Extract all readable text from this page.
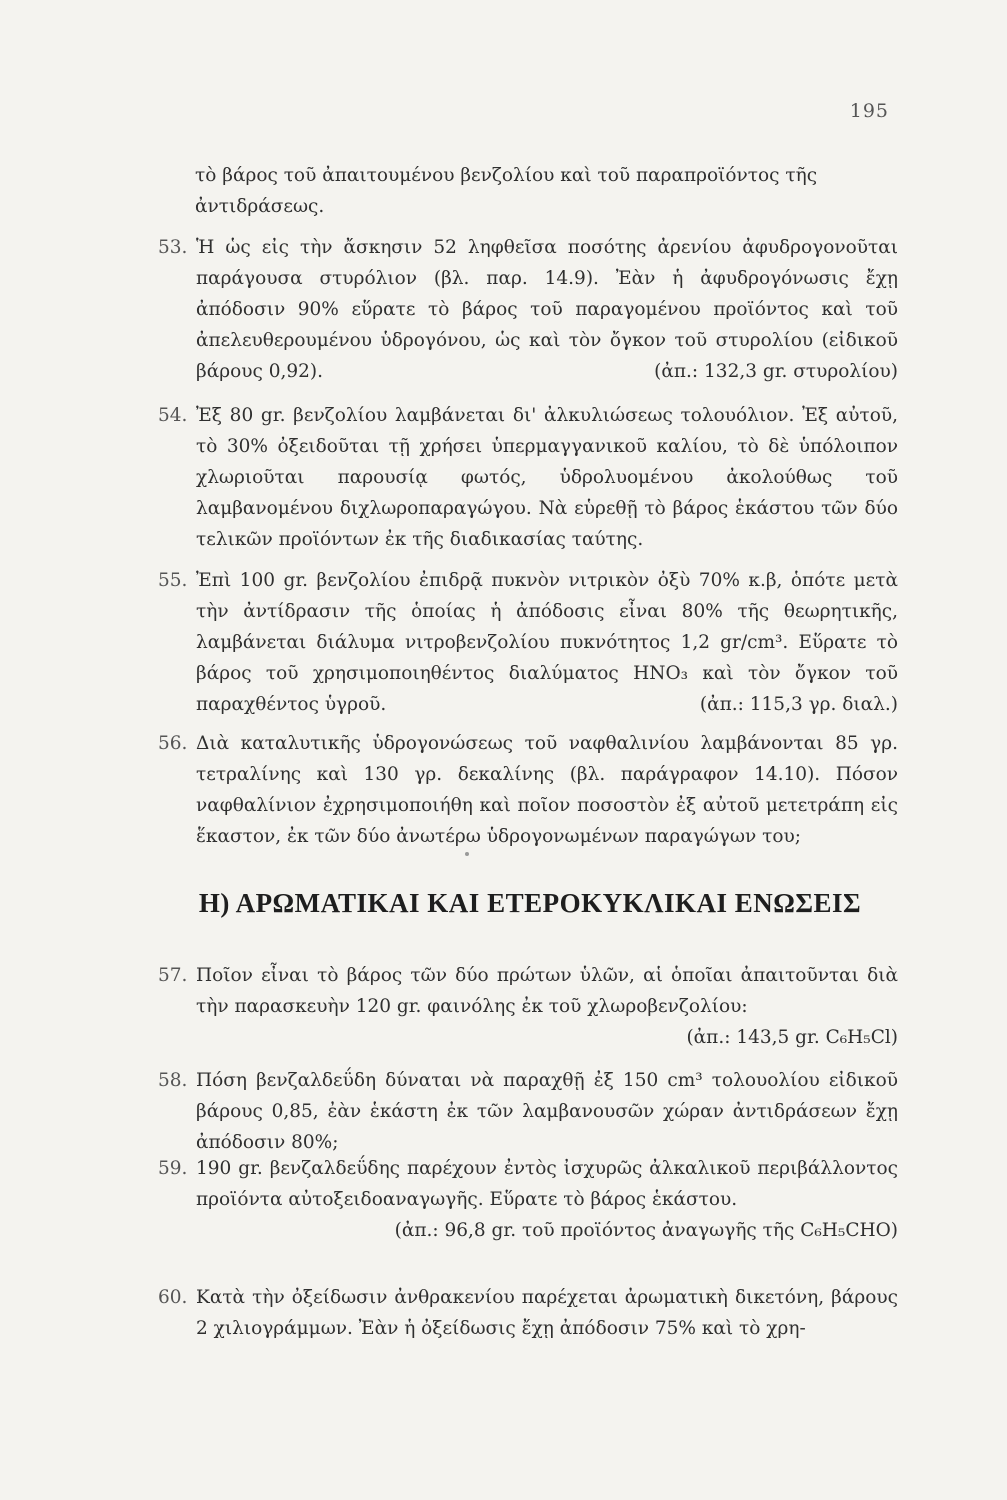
195
τὸ βάρος τοῦ ἀπαιτουμένου βενζολίου καὶ τοῦ παραπροϊόντος τῆς ἀντιδράσεως.
53. Ἡ ὡς εἰς τὴν ἄσκησιν 52 ληφθεῖσα ποσότης ἀρενίου ἀφυδρογονοῦται παράγουσα στυρόλιον (βλ. παρ. 14.9). Ἐὰν ἡ ἀφυδρογόνωσις ἔχῃ ἀπόδοσιν 90% εὕρατε τὸ βάρος τοῦ παραγομένου προϊόντος καὶ τοῦ ἀπελευθερουμένου ὑδρογόνου, ὡς καὶ τὸν ὄγκον τοῦ στυρολίου (εἰδικοῦ βάρους 0,92).	(ἀπ.: 132,3 gr. στυρολίου)
54. Ἐξ 80 gr. βενζολίου λαμβάνεται δι' ἀλκυλιώσεως τολουόλιον. Ἐξ αὐτοῦ, τὸ 30% ὀξειδοῦται τῇ χρήσει ὑπερμαγγανικοῦ καλίου, τὸ δὲ ὑπόλοιπον χλωριοῦται παρουσίᾳ φωτός, ὑδρολυομένου ἀκολούθως τοῦ λαμβανομένου διχλωροπαραγώγου. Νὰ εὑρεθῇ τὸ βάρος ἑκάστου τῶν δύο τελικῶν προϊόντων ἐκ τῆς διαδικασίας ταύτης.
55. Ἐπὶ 100 gr. βενζολίου ἐπιδρᾷ πυκνὸν νιτρικὸν ὀξὺ 70% κ.β, ὁπότε μετὰ τὴν ἀντίδρασιν τῆς ὁποίας ἡ ἀπόδοσις εἶναι 80% τῆς θεωρητικῆς, λαμβάνεται διάλυμα νιτροβενζολίου πυκνότητος 1,2 gr/cm³. Εὕρατε τὸ βάρος τοῦ χρησιμοποιηθέντος διαλύματος HNO₃ καὶ τὸν ὄγκον τοῦ παραχθέντος ὑγροῦ.	(ἀπ.: 115,3 γρ. διαλ.)
56. Διὰ καταλυτικῆς ὑδρογονώσεως τοῦ ναφθαλινίου λαμβάνονται 85 γρ. τετραλίνης καὶ 130 γρ. δεκαλίνης (βλ. παράγραφον 14.10). Πόσον ναφθαλίνιον ἐχρησιμοποιήθη καὶ ποῖον ποσοστὸν ἐξ αὐτοῦ μετετράπη εἰς ἕκαστον, ἐκ τῶν δύο ἀνωτέρω ὑδρογονωμένων παραγώγων του;
Η) ΑΡΩΜΑΤΙΚΑΙ ΚΑΙ ΕΤΕΡΟΚΥΚΛΙΚΑΙ ΕΝΩΣΕΙΣ
57. Ποῖον εἶναι τὸ βάρος τῶν δύο πρώτων ὑλῶν, αἱ ὁποῖαι ἀπαιτοῦνται διὰ τὴν παρασκευὴν 120 gr. φαινόλης ἐκ τοῦ χλωροβενζολίου:
(ἀπ.: 143,5 gr. C₆H₅Cl)
58. Πόση βενζαλδεΰδη δύναται νὰ παραχθῇ ἐξ 150 cm³ τολουολίου εἰδικοῦ βάρους 0,85, ἐὰν ἑκάστη ἐκ τῶν λαμβανουσῶν χώραν ἀντιδράσεων ἔχῃ ἀπόδοσιν 80%;
59. 190 gr. βενζαλδεΰδης παρέχουν ἐντὸς ἰσχυρῶς ἀλκαλικοῦ περιβάλλοντος προϊόντα αὐτοξειδοαναγωγῆς. Εὕρατε τὸ βάρος ἑκάστου.
(ἀπ.: 96,8 gr. τοῦ προϊόντος ἀναγωγῆς τῆς C₆H₅CHO)
60. Κατὰ τὴν ὀξείδωσιν ἀνθρακενίου παρέχεται ἀρωματικὴ δικετόνη, βάρους 2 χιλιογράμμων. Ἐὰν ἡ ὀξείδωσις ἔχῃ ἀπόδοσιν 75% καὶ τὸ χρη-
